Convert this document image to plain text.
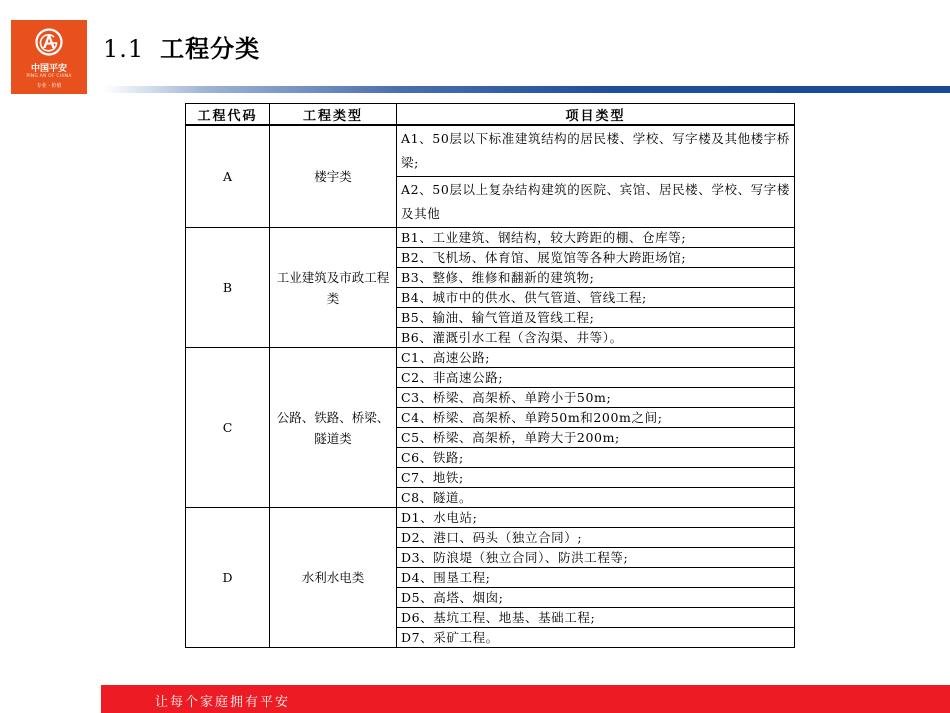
中国平安
PING AN OF CHINA
专业 · 价值
1.1 工程分类
工程代码	工程类型	项目类型
A	楼宇类	A1、50层以下标准建筑结构的居民楼、学校、写字楼及其他楼宇桥梁;
		A2、50层以上复杂结构建筑的医院、宾馆、居民楼、学校、写字楼及其他
B	工业建筑及市政工程类	B1、工业建筑、钢结构，较大跨距的棚、仓库等;
		B2、飞机场、体育馆、展览馆等各种大跨距场馆;
		B3、整修、维修和翻新的建筑物;
		B4、城市中的供水、供气管道、管线工程;
		B5、输油、输气管道及管线工程;
		B6、灌溉引水工程（含沟渠、井等）。
C	公路、铁路、桥梁、隧道类	C1、高速公路;
		C2、非高速公路;
		C3、桥梁、高架桥、单跨小于50m;
		C4、桥梁、高架桥、单跨50m和200m之间;
		C5、桥梁、高架桥，单跨大于200m;
		C6、铁路;
		C7、地铁;
		C8、隧道。
D	水利水电类	D1、水电站;
		D2、港口、码头（独立合同）;
		D3、防浪堤（独立合同）、防洪工程等;
		D4、围垦工程;
		D5、高塔、烟囱;
		D6、基坑工程、地基、基础工程;
		D7、采矿工程。
让每个家庭拥有平安
